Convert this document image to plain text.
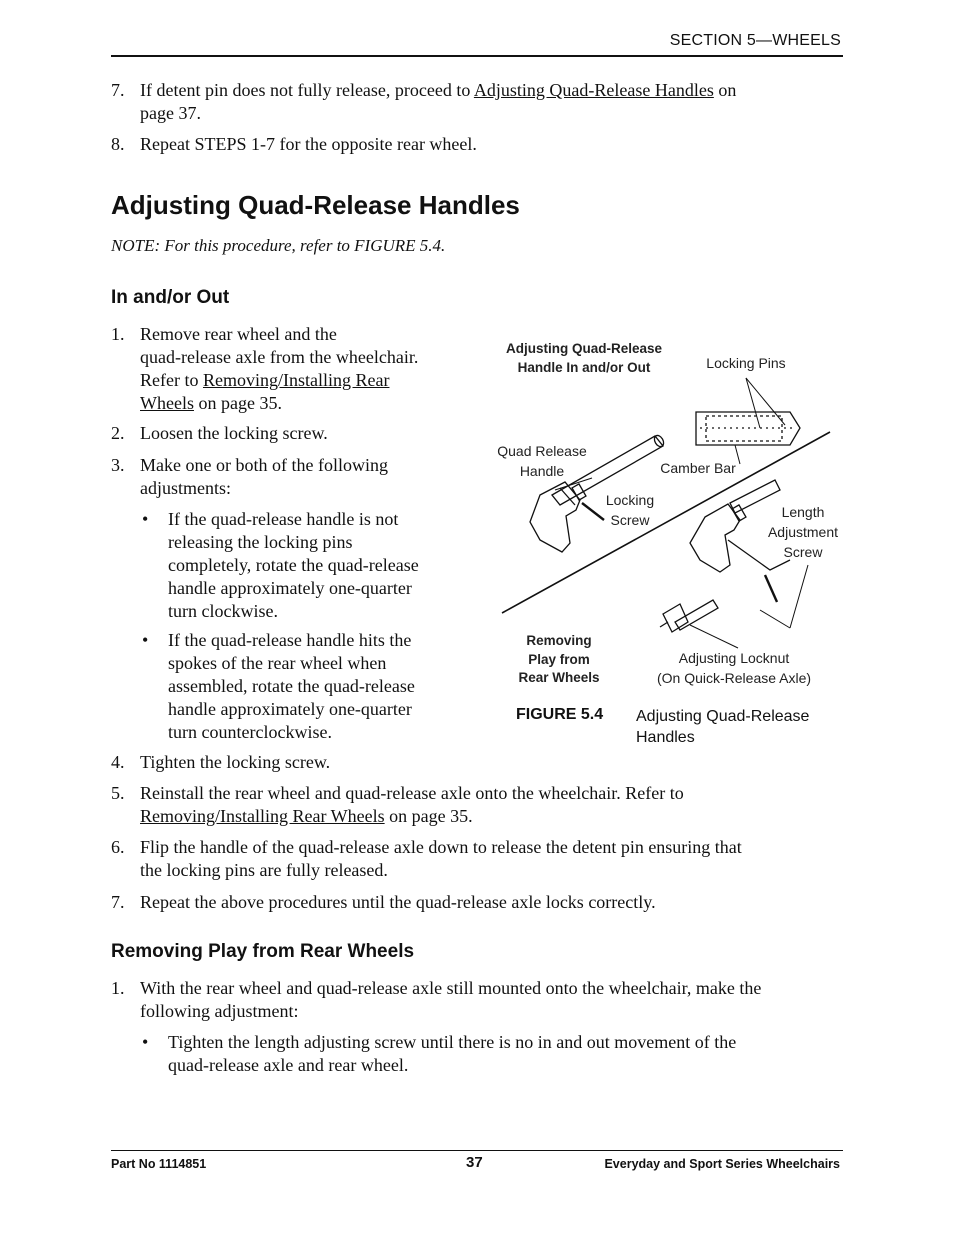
SECTION 5—WHEELS
7. If detent pin does not fully release, proceed to Adjusting Quad-Release Handles on
page 37.
8. Repeat STEPS 1-7 for the opposite rear wheel.
Adjusting Quad-Release Handles
NOTE: For this procedure, refer to FIGURE 5.4.
In and/or Out
1. Remove rear wheel and the
quad-release axle from the wheelchair.
Refer to Removing/Installing Rear
Wheels on page 35.
2. Loosen the locking screw.
3. Make one or both of the following
adjustments:
• If the quad-release handle is not
releasing the locking pins
completely, rotate the quad-release
handle approximately one-quarter
turn clockwise.
• If the quad-release handle hits the
spokes of the rear wheel when
assembled, rotate the quad-release
handle approximately one-quarter
turn counterclockwise.
4. Tighten the locking screw.
5. Reinstall the rear wheel and quad-release axle onto the wheelchair. Refer to
Removing/Installing Rear Wheels on page 35.
6. Flip the handle of the quad-release axle down to release the detent pin ensuring that
the locking pins are fully released.
7. Repeat the above procedures until the quad-release axle locks correctly.
Adjusting Quad-Release
Handle In and/or Out	Locking Pins
Quad Release
Handle	Camber Bar
Locking
Screw	Length
Adjustment
Screw
Removing
Play from
Rear Wheels
Adjusting Locknut
(On Quick-Release Axle)
FIGURE 5.4 Adjusting Quad-Release
Handles
Removing Play from Rear Wheels
1. With the rear wheel and quad-release axle still mounted onto the wheelchair, make the
following adjustment:
• Tighten the length adjusting screw until there is no in and out movement of the
quad-release axle and rear wheel.
Part No 1114851	37	Everyday and Sport Series Wheelchairs
